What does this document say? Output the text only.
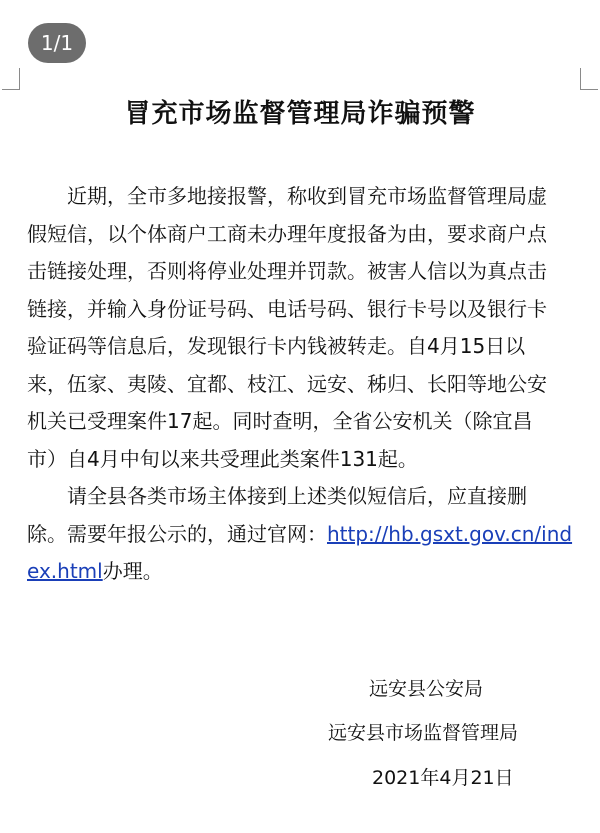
1/1
冒充市场监督管理局诈骗预警

近期，全市多地接报警，称收到冒充市场监督管理局虚
假短信，以个体商户工商未办理年度报备为由，要求商户点
击链接处理，否则将停业处理并罚款。被害人信以为真点击
链接，并输入身份证号码、电话号码、银行卡号以及银行卡
验证码等信息后，发现银行卡内钱被转走。自4月15日以
来，伍家、夷陵、宜都、枝江、远安、秭归、长阳等地公安
机关已受理案件17起。同时查明，全省公安机关（除宜昌
市）自4月中旬以来共受理此类案件131起。

请全县各类市场主体接到上述类似短信后，应直接删
除。需要年报公示的，通过官网：http://hb.gsxt.gov.cn/ind
ex.html办理。

远安县公安局
远安县市场监督管理局
2021年4月21日
